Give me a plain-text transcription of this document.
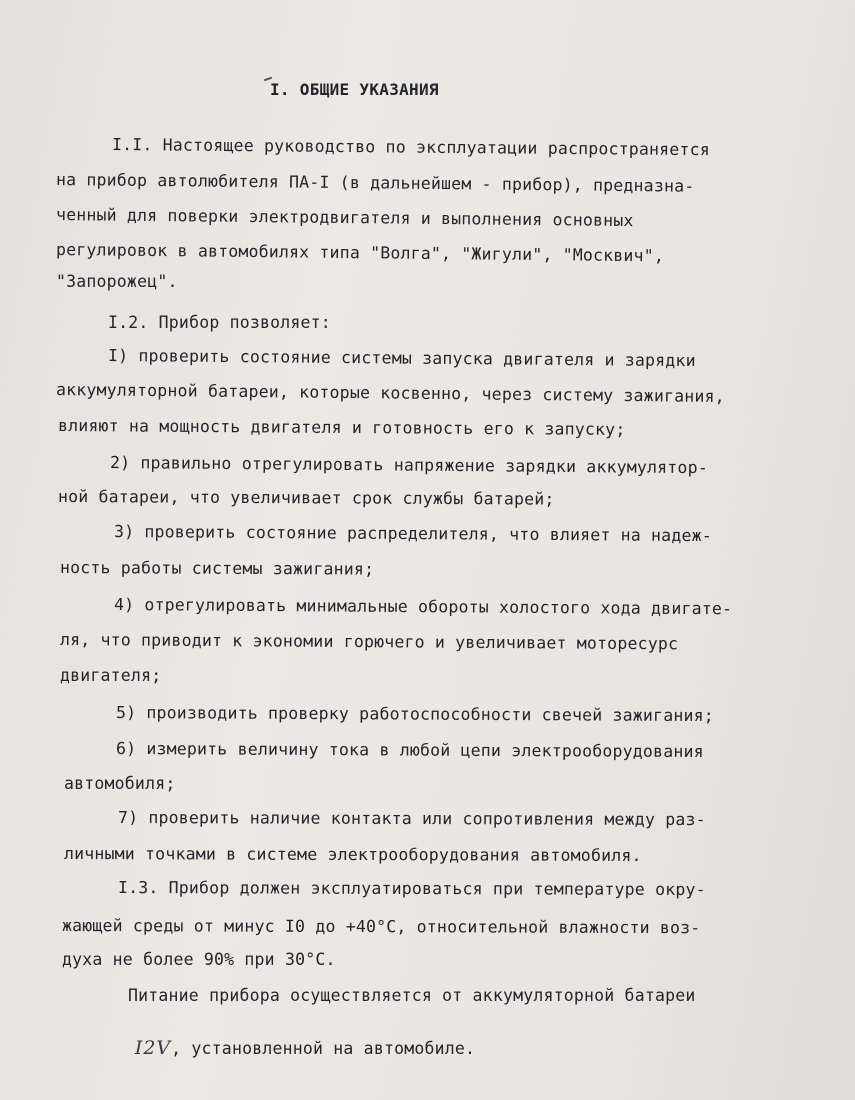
I. ОБЩИЕ УКАЗАНИЯ
I.I. Настоящее руководство по эксплуатации распространяется
на прибор автолюбителя ПА-I (в дальнейшем - прибор), предназна-
ченный для поверки электродвигателя и выполнения основных
регулировок в автомобилях типа "Волга", "Жигули", "Москвич",
"Запорожец".
I.2. Прибор позволяет:
I) проверить состояние системы запуска двигателя и зарядки
аккумуляторной батареи, которые косвенно, через систему зажигания,
влияют на мощность двигателя и готовность его к запуску;
2) правильно отрегулировать напряжение зарядки аккумулятор-
ной батареи, что увеличивает срок службы батарей;
3) проверить состояние распределителя, что влияет на надеж-
ность работы системы зажигания;
4) отрегулировать минимальные обороты холостого хода двигате-
ля, что приводит к экономии горючего и увеличивает моторесурс
двигателя;
5) производить проверку работоспособности свечей зажигания;
6) измерить величину тока в любой цепи электрооборудования
автомобиля;
7) проверить наличие контакта или сопротивления между раз-
личными точками в системе электрооборудования автомобиля.
I.3. Прибор должен эксплуатироваться при температуре окру-
жающей среды от минус I0 до +40°С, относительной влажности воз-
духа не более 90% при 30°С.
Питание прибора осуществляется от аккумуляторной батареи

I2V, установленной на автомобиле.
